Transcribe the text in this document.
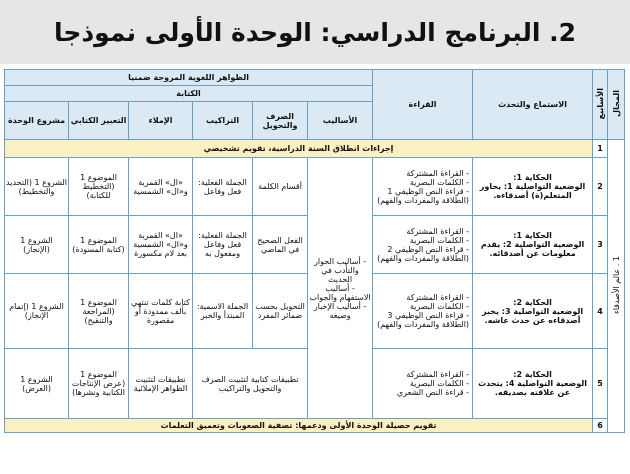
2. البرنامج الدراسي: الوحدة الأولى نموذجا
المجال	الأسابيع	الاستماع والتحدث	القراءة	الظواهر اللغوية المروجة ضمنيا					
				الكتابة					
				الأساليب	الصرف والتحويل	التراكيب	الإملاء	التعبير الكتابي	مشروع الوحدة
1 . عالم الأصدقاء	1	إجراءات انطلاق السنة الدراسية، تقويم تشخيصي							
	2	الحكاية 1:
الوضعية التواصلية 1: يحاور المتعلم(ة) أصدقاءه.	- القراءة المشتركة
- الكلمات البصرية
- قراءة النص الوظيفي 1
(الطلاقة والمفردات والفهم)	- أساليب الحوار والتأدب في الحديث
- أساليب الاستفهام والجواب
- أساليب الإخبار وصيغه	أقسام الكلمة	الجملة الفعلية: فعل وفاعل	«ال» القمرية و«ال» الشمسية	الموضوع 1 (التخطيط للكتابة)	الشروع 1 (التحديد والتخطيط)
	3	الحكاية 1:
الوضعية التواصلية 2: يقدم معلومات عن أصدقائه.	- القراءة المشتركة
- الكلمات البصرية
- قراءة النص الوظيفي 2
(الطلاقة والمفردات والفهم)		الفعل الصحيح في الماضي	الجملة الفعلية: فعل وفاعل ومفعول به	«ال» القمرية و«ال» الشمسية بعد لام مكسورة	الموضوع 1 (كتابة المسودة)	الشروع 1 (الإنجاز)
	4	الحكاية 2:
الوضعية التواصلية 3: يخبر أصدقاءه عن حدث عاشه.	- القراءة المشتركة
- الكلمات البصرية
- قراءة النص الوظيفي 3
(الطلاقة والمفردات والفهم)		التحويل بحسب ضمائر المفرد	الجملة الاسمية: المبتدأ والخبر	كتابة كلمات تنتهي بألف ممدودة أو مقصورة	الموضوع 1 (المراجعة والتنقيح)	الشروع 1 (إتمام الإنجاز)
	5	الحكاية 2:
الوضعية التواصلية 4: يتحدث عن علاقته بصديقه.	- القراءة المشتركة
- الكلمات البصرية
- قراءة النص الشعري		تطبيقات كتابية لتثبيت الصرف والتحويل والتراكيب		تطبيقات لتثبيت الظواهر الإملائية	الموضوع 1 (عرض الإنتاجات الكتابية ونشرها)	الشروع 1 (العرض)
	6	تقويم حصيلة الوحدة الأولى ودعمها: تصفية الصعوبات وتعميق التعلمات							
